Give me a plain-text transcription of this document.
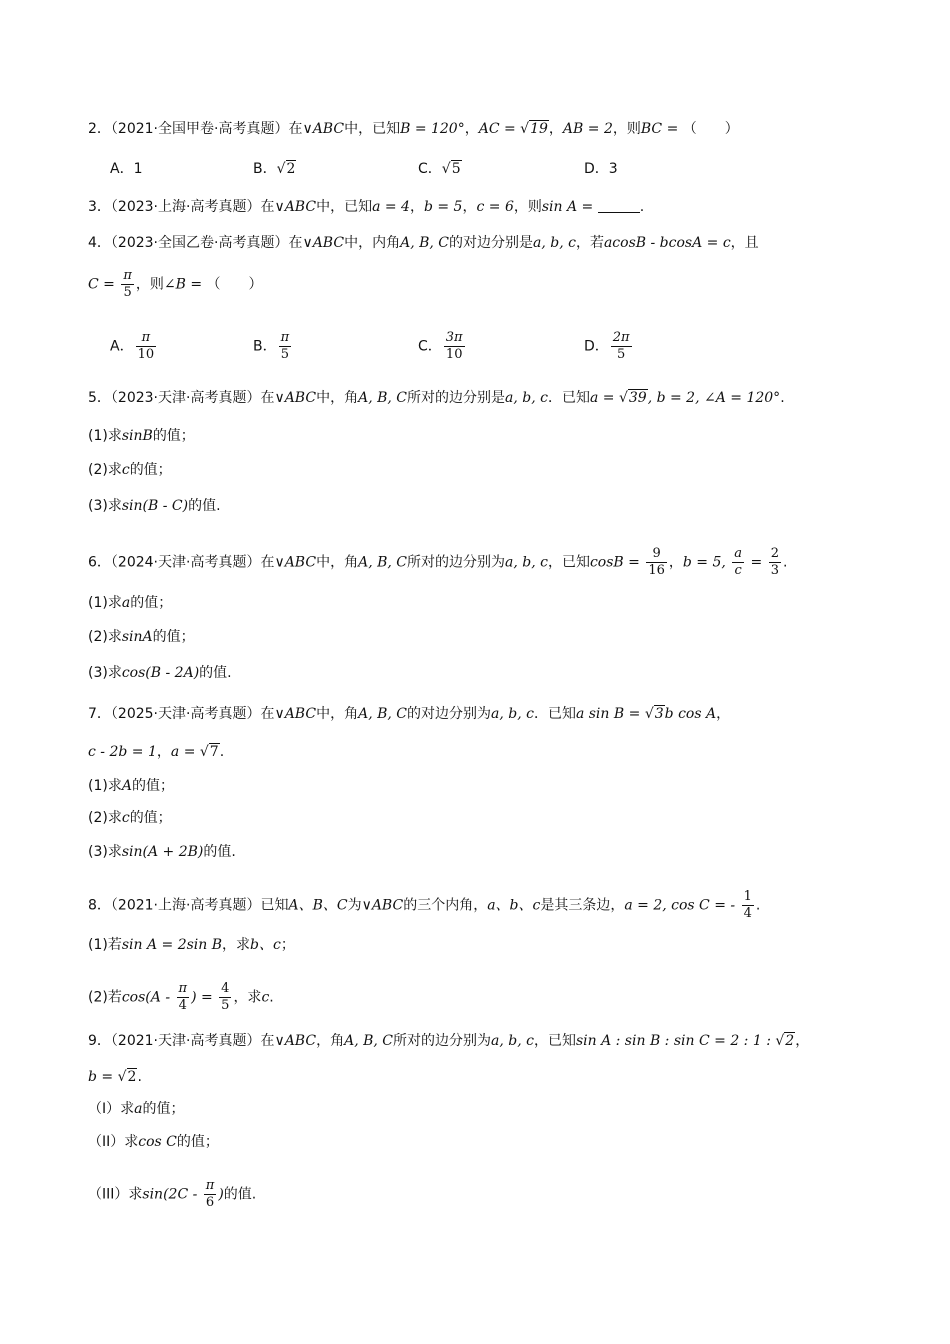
2．（2021·全国甲卷·高考真题）在∨ABC中，已知B = 120°，AC = √19，AB = 2，则BC = （　　）
A．1	B．√2	C．√5	D．3
3．（2023·上海·高考真题）在∨ABC中，已知a = 4，b = 5，c = 6，则sin A =	.
4．（2023·全国乙卷·高考真题）在∨ABC中，内角A, B, C的对边分别是a, b, c，若acosB - bcosA = c，且
$C = \frac{\pi}{5}$ ，则∠B = （　　）
A． $\frac{\pi}{10}$	B． $\frac{\pi}{5}$	C． $\frac{3\pi}{10}$	D． $\frac{2\pi}{5}$
5．（2023·天津·高考真题）在∨ABC中，角A, B, C所对的边分别是a, b, c．已知a = √39, b = 2, ∠A = 120°.
(1)求sinB的值；
(2)求c的值；
(3)求sin(B - C)的值.
6．（2024·天津·高考真题）在∨ABC中，角A, B, C所对的边分别为a, b, c，已知$\cos B = \frac{9}{16}$ ，b = 5, $\frac{a}{c} = \frac{2}{3}$ .
(1)求a的值；
(2)求sinA的值；
(3)求cos(B - 2A)的值.
7．（2025·天津·高考真题）在∨ABC中，角A, B, C的对边分别为a, b, c．已知a sin B = √3b cos A，
c - 2b = 1，a = √7.
(1)求A的值；
(2)求c的值；
(3)求sin(A + 2B)的值.
8．（2021·上海·高考真题）已知A、B、C为∨ABC的三个内角，a、b、c是其三条边，a = 2, cos C = - $\frac{1}{4}$ .
(1)若sin A = 2sin B，求b、c；
(2)若$\cos(A - \frac{\pi}{4}$ ) = $\frac{4}{5}$ ，求c.
9．（2021·天津·高考真题）在∨ABC，角A, B, C所对的边分别为a, b, c，已知sin A : sin B : sin C = 2 : 1 : √2，
b = √2.
（I）求a的值；
（II）求cos C的值；
（III）求$\sin(2C - \frac{\pi}{6}$ )的值.
